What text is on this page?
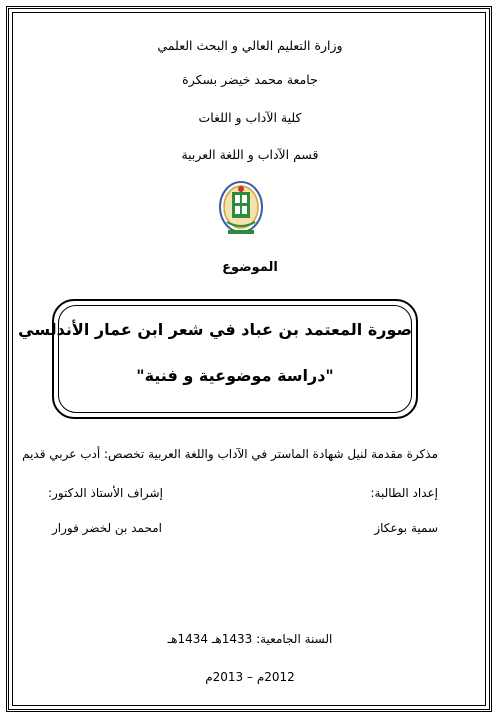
وزارة التعليم العالي و البحث العلمي
جامعة محمد خيضر بسكرة
كلية الآداب و اللغات
قسم الآداب و اللغة العربية
الموضوع
صورة المعتمد بن عباد في شعر ابن عمار الأندلسي
"دراسة موضوعية و فنية"
مذكرة مقدمة لنيل شهادة الماستر في الآداب واللغة العربية تخصص: أدب عربي قديم
إعداد الطالبة:
إشراف الأستاذ الدكتور:
سمية بوعكاز
امحمد بن لخضر فورار
السنة الجامعية: 1433هـ 1434هـ
2012م – 2013م
